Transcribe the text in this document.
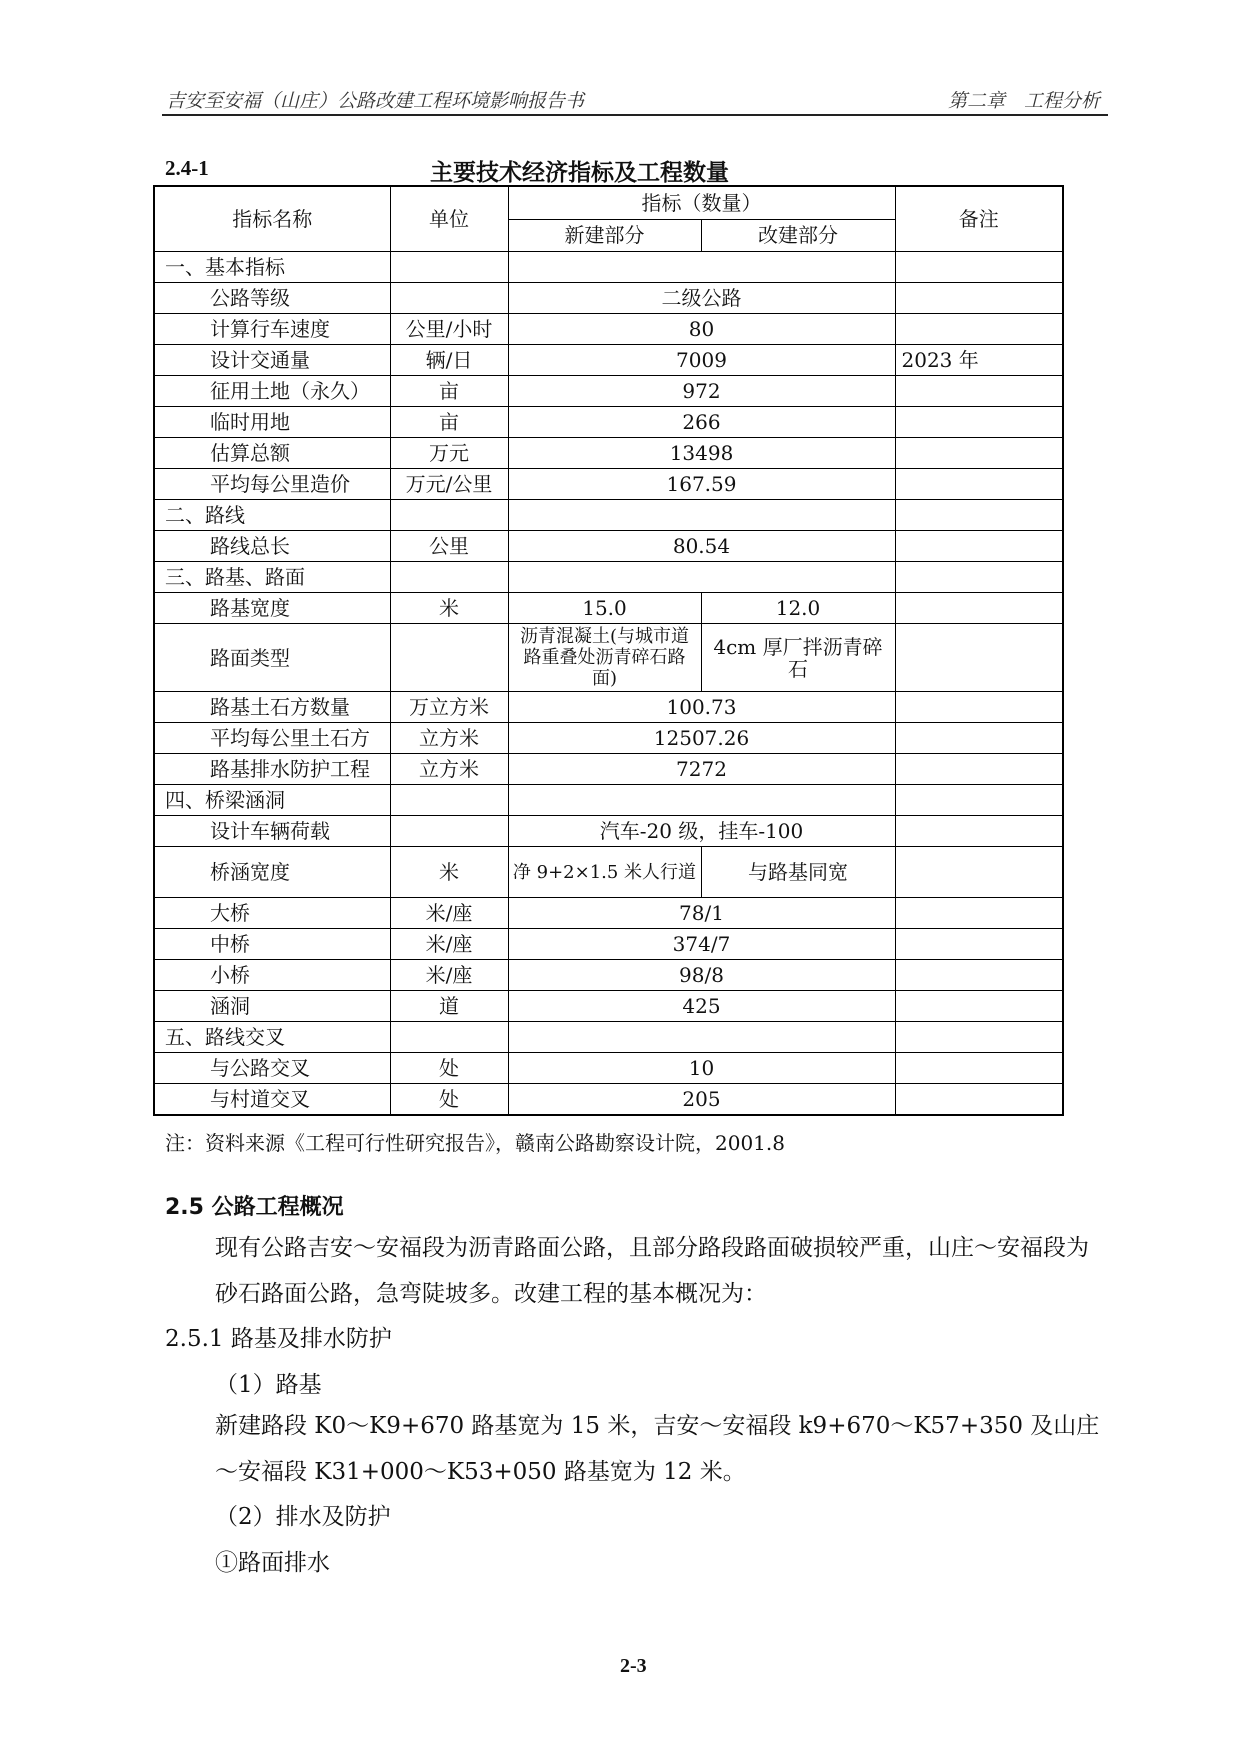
吉安至安福（山庄）公路改建工程环境影响报告书	第二章　工程分析
2.4-1	主要技术经济指标及工程数量
指标名称	单位	指标（数量）		备注
		新建部分	改建部分	
一、基本指标				
公路等级		二级公路		
计算行车速度	公里/小时	80		
设计交通量	辆/日	7009		2023 年
征用土地（永久）	亩	972		
临时用地	亩	266		
估算总额	万元	13498		
平均每公里造价	万元/公里	167.59		
二、路线				
路线总长	公里	80.54		
三、路基、路面				
路基宽度	米	15.0	12.0	
路面类型		沥青混凝土(与城市道路重叠处沥青碎石路面)	4cm 厚厂拌沥青碎石	
路基土石方数量	万立方米	100.73		
平均每公里土石方	立方米	12507.26		
路基排水防护工程	立方米	7272		
四、桥梁涵洞				
设计车辆荷载		汽车-20 级，挂车-100		
桥涵宽度	米	净 9+2×1.5 米人行道	与路基同宽	
大桥	米/座	78/1		
中桥	米/座	374/7		
小桥	米/座	98/8		
涵洞	道	425		
五、路线交叉				
与公路交叉	处	10		
与村道交叉	处	205		
注：资料来源《工程可行性研究报告》，赣南公路勘察设计院，2001.8
2.5 公路工程概况
现有公路吉安～安福段为沥青路面公路，且部分路段路面破损较严重，山庄～安福段为砂石路面公路，急弯陡坡多。改建工程的基本概况为：
2.5.1 路基及排水防护
（1）路基
新建路段 K0～K9+670 路基宽为 15 米，吉安～安福段 k9+670～K57+350 及山庄～安福段 K31+000～K53+050 路基宽为 12 米。
（2）排水及防护
①路面排水
2-3
